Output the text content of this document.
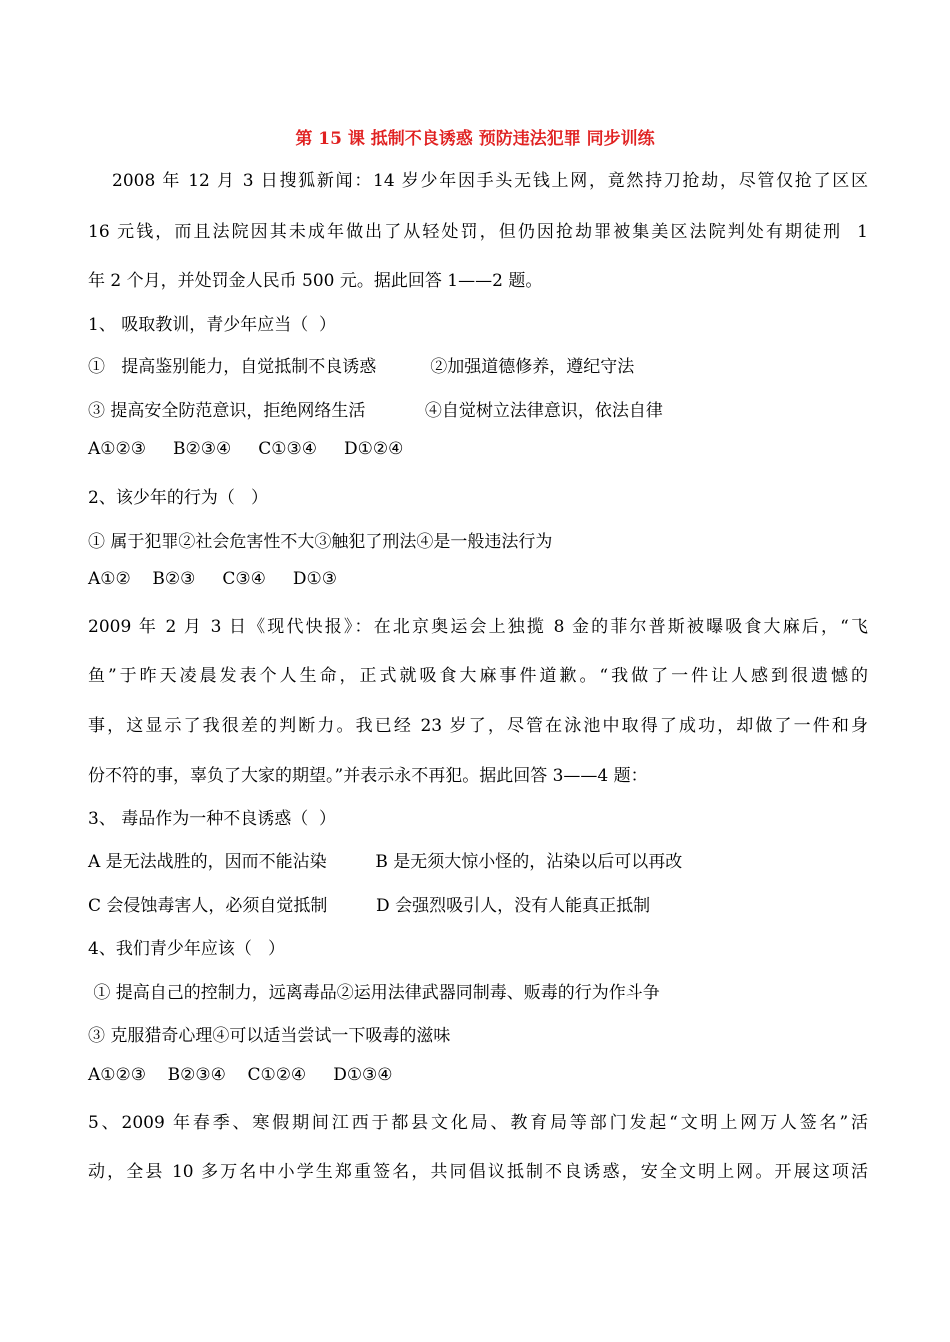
第 15 课 抵制不良诱惑 预防违法犯罪 同步训练
2008 年 12 月 3 日搜狐新闻：14 岁少年因手头无钱上网，竟然持刀抢劫，尽管仅抢了区区
16 元钱，而且法院因其未成年做出了从轻处罚，但仍因抢劫罪被集美区法院判处有期徒刑  1
年 2 个月，并处罚金人民币 500 元。据此回答 1——2 题。
1、 吸取教训，青少年应当（  ）
①   提高鉴别能力，自觉抵制不良诱惑          ②加强道德修养，遵纪守法
③ 提高安全防范意识，拒绝网络生活           ④自觉树立法律意识，依法自律
A①②③     B②③④     C①③④     D①②④
2、该少年的行为（   ）
① 属于犯罪②社会危害性不大③触犯了刑法④是一般违法行为
A①②    B②③     C③④     D①③
2009 年 2 月 3 日《现代快报》：在北京奥运会上独揽 8 金的菲尔普斯被曝吸食大麻后，“飞
鱼”于昨天凌晨发表个人生命，正式就吸食大麻事件道歉。“我做了一件让人感到很遗憾的
事，这显示了我很差的判断力。我已经 23 岁了，尽管在泳池中取得了成功，却做了一件和身
份不符的事，辜负了大家的期望。”并表示永不再犯。据此回答 3——4 题：
3、 毒品作为一种不良诱惑（  ）
A 是无法战胜的，因而不能沾染         B 是无须大惊小怪的，沾染以后可以再改
C 会侵蚀毒害人，必须自觉抵制         D 会强烈吸引人，没有人能真正抵制
4、我们青少年应该（   ）
① 提高自己的控制力，远离毒品②运用法律武器同制毒、贩毒的行为作斗争
③ 克服猎奇心理④可以适当尝试一下吸毒的滋味
A①②③    B②③④    C①②④     D①③④
5、2009 年春季、寒假期间江西于都县文化局、教育局等部门发起“文明上网万人签名”活
动，全县 10 多万名中小学生郑重签名，共同倡议抵制不良诱惑，安全文明上网。开展这项活
